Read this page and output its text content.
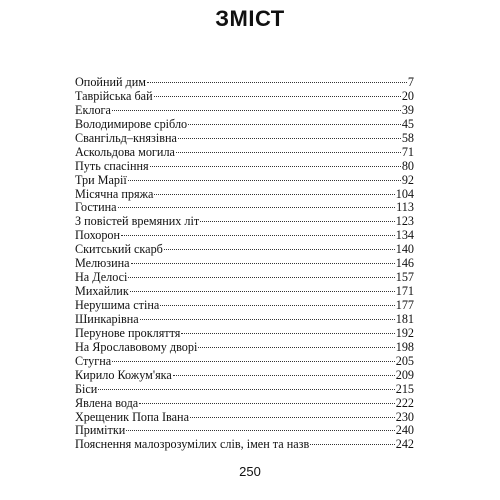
ЗМІСТ
Опойний дим	7
Таврійська бaй	20
Еклога	39
Володимирове срібло	45
Свангільд–князівна	58
Аскольдова могила	71
Путь спасіння	80
Три Марії	92
Місячна пряжа	104
Гостина	113
З повістей времяних літ	123
Похорон	134
Скитський скарб	140
Мелюзина	146
На Делосі	157
Михайлик	171
Нерушима стіна	177
Шинкарівна	181
Перунове прокляття	192
На Ярославовому дворі	198
Стугна	205
Кирило Кожум'яка	209
Біси	215
Явлена вода	222
Хрещеник Попа Івана	230
Примітки	240
Пояснення малозрозумілих слів, імен та назв	242
250
